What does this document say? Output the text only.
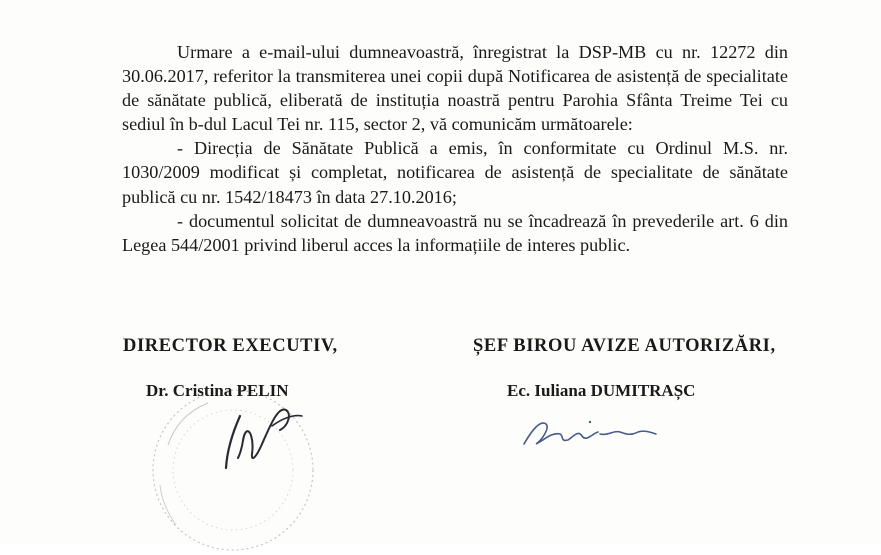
Urmare a e-mail-ului dumneavoastră, înregistrat la DSP-MB cu nr. 12272 din 30.06.2017, referitor la transmiterea unei copii după Notificarea de asistență de specialitate de sănătate publică, eliberată de instituția noastră pentru Parohia Sfânta Treime Tei cu sediul în b-dul Lacul Tei nr. 115, sector 2, vă comunicăm următoarele:

- Direcția de Sănătate Publică a emis, în conformitate cu Ordinul M.S. nr. 1030/2009 modificat și completat, notificarea de asistență de specialitate de sănătate publică cu nr. 1542/18473 în data 27.10.2016;

- documentul solicitat de dumneavoastră nu se încadrează în prevederile art. 6 din Legea 544/2001 privind liberul acces la informațiile de interes public.

DIRECTOR EXECUTIV,	ȘEF BIROU AVIZE AUTORIZĂRI,
Dr. Cristina PELIN	Ec. Iuliana DUMITRAȘC
